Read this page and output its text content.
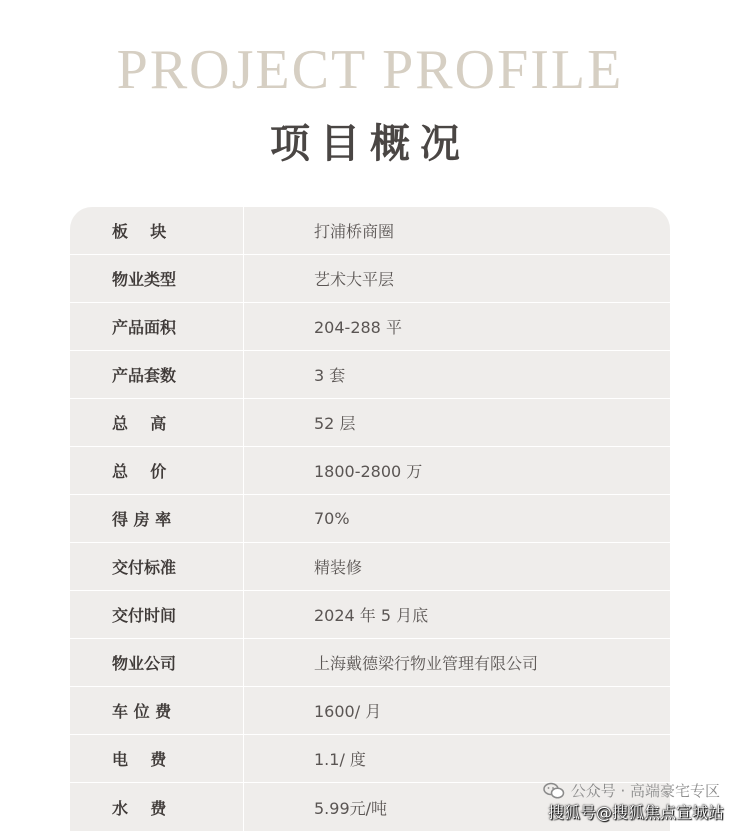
PROJECT PROFILE
项目概况
板    块	打浦桥商圈
物业类型	艺术大平层
产品面积	204-288 平
产品套数	3 套
总    高	52 层
总    价	1800-2800 万
得 房 率	70%
交付标准	精装修
交付时间	2024 年 5 月底
物业公司	上海戴德梁行物业管理有限公司
车 位 费	1600/ 月
电    费	1.1/ 度
水    费	5.99元/吨
公众号 · 高端豪宅专区
搜狐号@搜狐焦点宣城站
